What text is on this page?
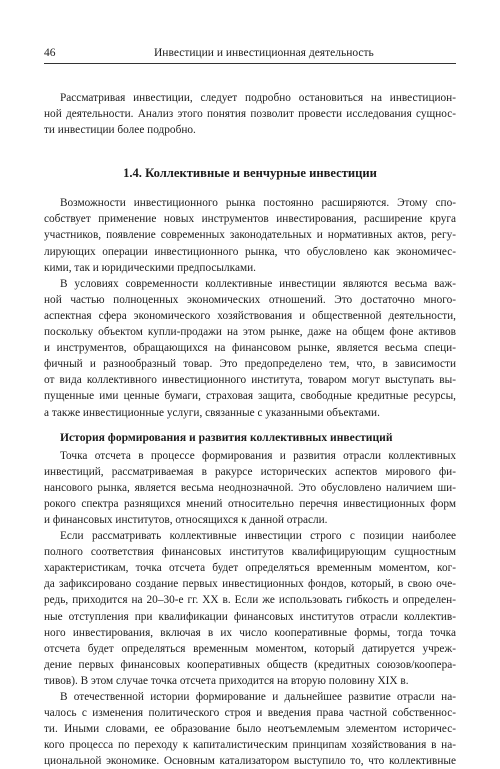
46	Инвестиции и инвестиционная деятельность

Рассматривая инвестиции, следует подробно остановиться на инвестицион-
ной деятельности. Анализ этого понятия позволит провести исследования сущнос-
ти инвестиции более подробно.

1.4. Коллективные и венчурные инвестиции

Возможности инвестиционного рынка постоянно расширяются. Этому спо-
собствует применение новых инструментов инвестирования, расширение круга
участников, появление современных законодательных и нормативных актов, регу-
лирующих операции инвестиционного рынка, что обусловлено как экономичес-
кими, так и юридическими предпосылками.

В условиях современности коллективные инвестиции являются весьма важ-
ной частью полноценных экономических отношений. Это достаточно много-
аспектная сфера экономического хозяйствования и общественной деятельности,
поскольку объектом купли-продажи на этом рынке, даже на общем фоне активов
и инструментов, обращающихся на финансовом рынке, является весьма специ-
фичный и разнообразный товар. Это предопределено тем, что, в зависимости
от вида коллективного инвестиционного института, товаром могут выступать вы-
пущенные ими ценные бумаги, страховая защита, свободные кредитные ресурсы,
а также инвестиционные услуги, связанные с указанными объектами.

История формирования и развития коллективных инвестиций

Точка отсчета в процессе формирования и развития отрасли коллективных
инвестиций, рассматриваемая в ракурсе исторических аспектов мирового фи-
нансового рынка, является весьма неоднозначной. Это обусловлено наличием ши-
рокого спектра разнящихся мнений относительно перечня инвестиционных форм
и финансовых институтов, относящихся к данной отрасли.

Если рассматривать коллективные инвестиции строго с позиции наиболее
полного соответствия финансовых институтов квалифицирующим сущностным
характеристикам, точка отсчета будет определяться временным моментом, ког-
да зафиксировано создание первых инвестиционных фондов, который, в свою оче-
редь, приходится на 20–30-е гг. XX в. Если же использовать гибкость и определен-
ные отступления при квалификации финансовых институтов отрасли коллектив-
ного инвестирования, включая в их число кооперативные формы, тогда точка
отсчета будет определяться временным моментом, который датируется учреж-
дение первых финансовых кооперативных обществ (кредитных союзов/коопера-
тивов). В этом случае точка отсчета приходится на вторую половину XIX в.

В отечественной истории формирование и дальнейшее развитие отрасли на-
чалось с изменения политического строя и введения права частной собственнос-
ти. Иными словами, ее образование было неотъемлемым элементом историчес-
кого процесса по переходу к капиталистическим принципам хозяйствования в на-
циональной экономике. Основным катализатором выступило то, что коллективные
